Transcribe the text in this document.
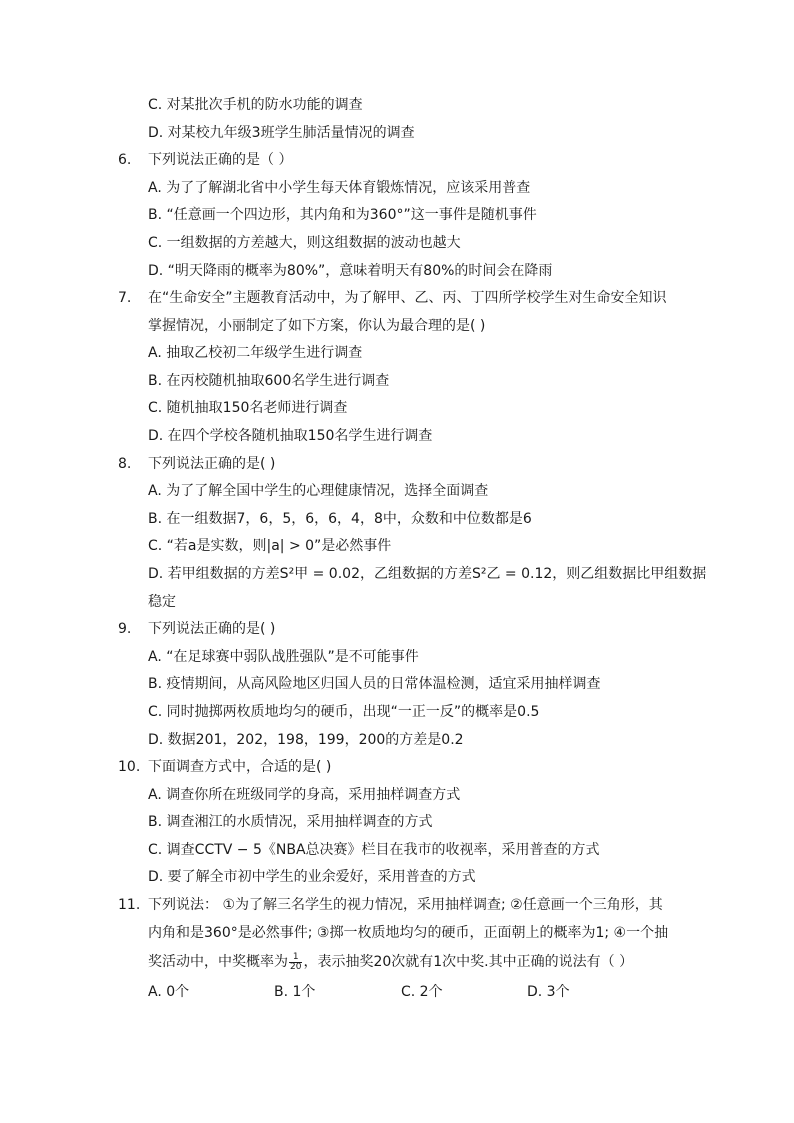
C. 对某批次手机的防水功能的调查
D. 对某校九年级3班学生肺活量情况的调查
6. 下列说法正确的是（ ）
A. 为了了解湖北省中小学生每天体育锻炼情况，应该采用普查
B. “任意画一个四边形，其内角和为360°”这一事件是随机事件
C. 一组数据的方差越大，则这组数据的波动也越大
D. “明天降雨的概率为80%”，意味着明天有80%的时间会在降雨
7. 在“生命安全”主题教育活动中，为了解甲、乙、丙、丁四所学校学生对生命安全知识
掌握情况，小丽制定了如下方案，你认为最合理的是( )
A. 抽取乙校初二年级学生进行调查
B. 在丙校随机抽取600名学生进行调查
C. 随机抽取150名老师进行调查
D. 在四个学校各随机抽取150名学生进行调查
8. 下列说法正确的是( )
A. 为了了解全国中学生的心理健康情况，选择全面调查
B. 在一组数据7，6，5，6，6，4，8中，众数和中位数都是6
C. “若a是实数，则|a| > 0”是必然事件
D. 若甲组数据的方差S²甲 = 0.02，乙组数据的方差S²乙 = 0.12，则乙组数据比甲组数据
稳定
9. 下列说法正确的是( )
A. “在足球赛中弱队战胜强队”是不可能事件
B. 疫情期间，从高风险地区归国人员的日常体温检测，适宜采用抽样调查
C. 同时抛掷两枚质地均匀的硬币，出现“一正一反”的概率是0.5
D. 数据201，202，198，199，200的方差是0.2
10. 下面调查方式中，合适的是( )
A. 调查你所在班级同学的身高，采用抽样调查方式
B. 调查湘江的水质情况，采用抽样调查的方式
C. 调查CCTV − 5《NBA总决赛》栏目在我市的收视率，采用普查的方式
D. 要了解全市初中学生的业余爱好，采用普查的方式
11. 下列说法： ①为了解三名学生的视力情况，采用抽样调查; ②任意画一个三角形，其
内角和是360°是必然事件; ③掷一枚质地均匀的硬币，正面朝上的概率为1; ④一个抽
奖活动中，中奖概率为 $\frac{1}{20}$ ，表示抽奖20次就有1次中奖.其中正确的说法有（ ）
A. 0个	B. 1个	C. 2个	D. 3个
